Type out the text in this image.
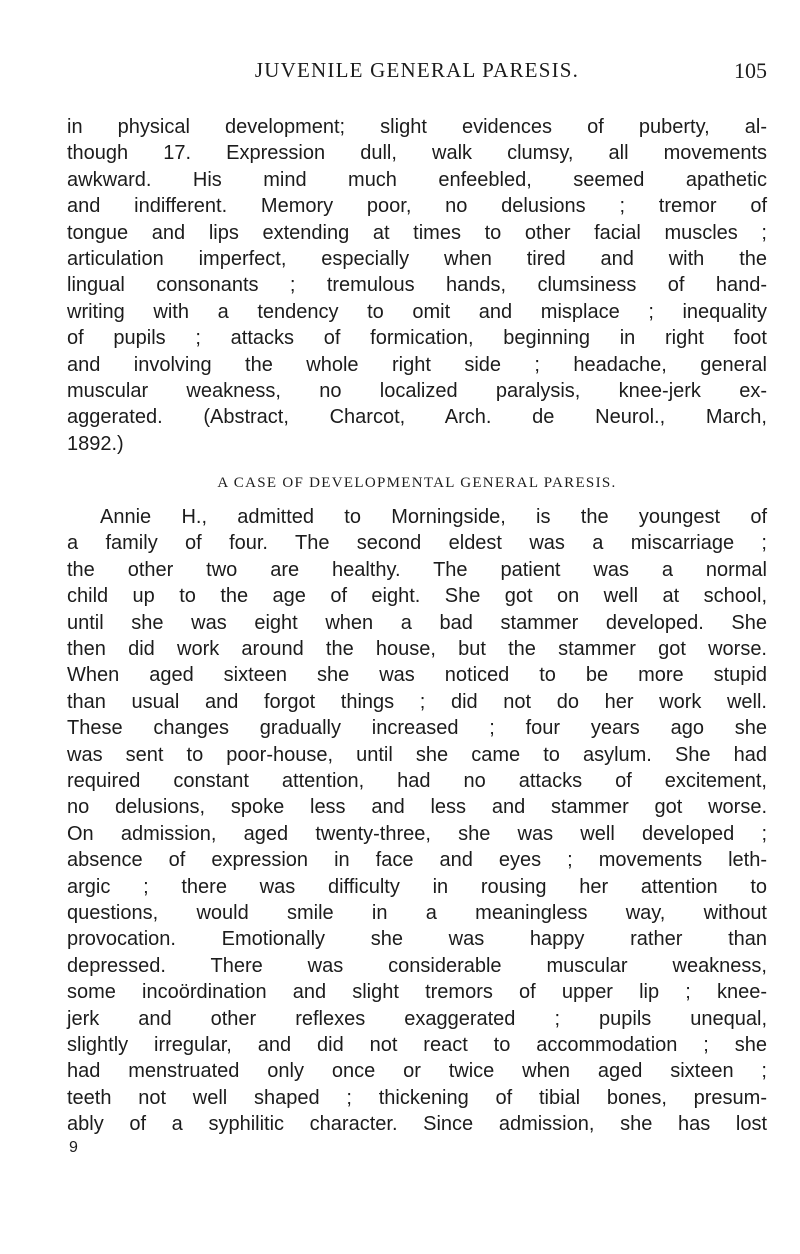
JUVENILE GENERAL PARESIS.	105
in physical development; slight evidences of puberty, al-
though 17. Expression dull, walk clumsy, all movements
awkward. His mind much enfeebled, seemed apathetic
and indifferent. Memory poor, no delusions ; tremor of
tongue and lips extending at times to other facial muscles ;
articulation imperfect, especially when tired and with the
lingual consonants ; tremulous hands, clumsiness of hand-
writing with a tendency to omit and misplace ; inequality
of pupils ; attacks of formication, beginning in right foot
and involving the whole right side ; headache, general
muscular weakness, no localized paralysis, knee-jerk ex-
aggerated. (Abstract, Charcot, Arch. de Neurol., March,
1892.)
A CASE OF DEVELOPMENTAL GENERAL PARESIS.
Annie H., admitted to Morningside, is the youngest of
a family of four. The second eldest was a miscarriage ;
the other two are healthy. The patient was a normal
child up to the age of eight. She got on well at school,
until she was eight when a bad stammer developed. She
then did work around the house, but the stammer got worse.
When aged sixteen she was noticed to be more stupid
than usual and forgot things ; did not do her work well.
These changes gradually increased ; four years ago she
was sent to poor-house, until she came to asylum. She had
required constant attention, had no attacks of excitement,
no delusions, spoke less and less and stammer got worse.
On admission, aged twenty-three, she was well developed ;
absence of expression in face and eyes ; movements leth-
argic ; there was difficulty in rousing her attention to
questions, would smile in a meaningless way, without
provocation. Emotionally she was happy rather than
depressed. There was considerable muscular weakness,
some incoördination and slight tremors of upper lip ; knee-
jerk and other reflexes exaggerated ; pupils unequal,
slightly irregular, and did not react to accommodation ; she
had menstruated only once or twice when aged sixteen ;
teeth not well shaped ; thickening of tibial bones, presum-
ably of a syphilitic character. Since admission, she has lost
9
